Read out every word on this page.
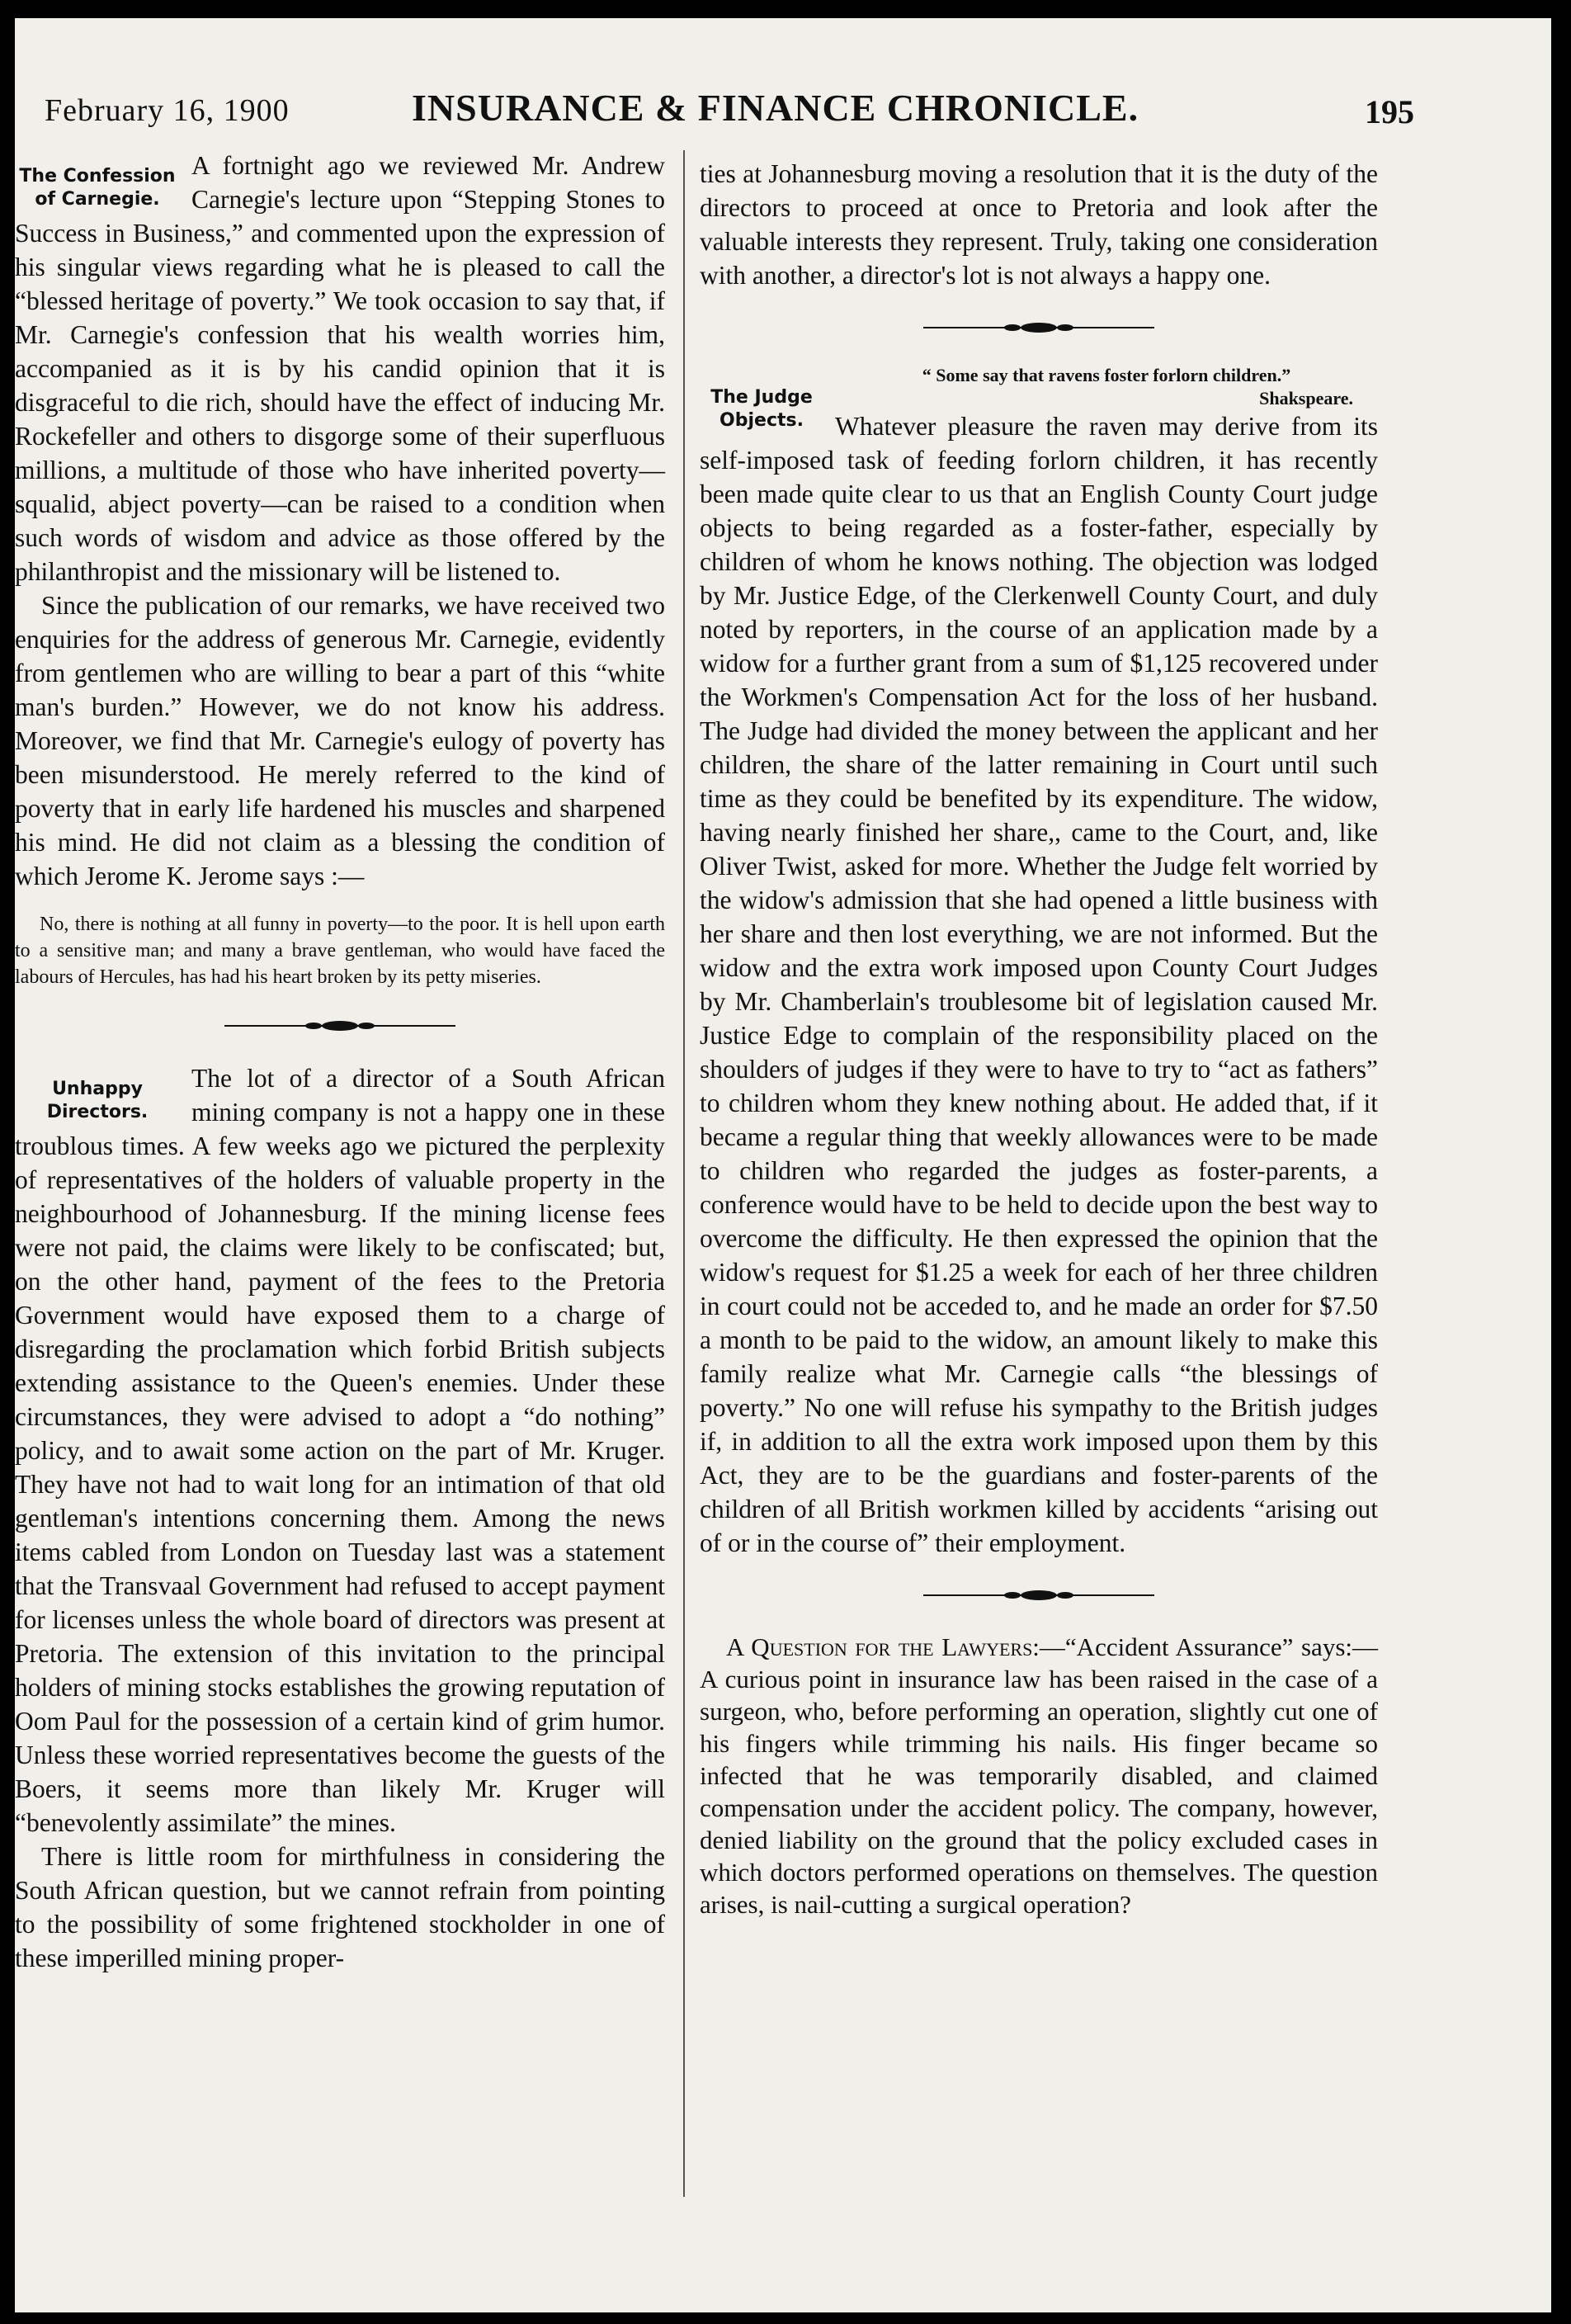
February 16, 1900	INSURANCE & FINANCE CHRONICLE.	195
The Confession of Carnegie.

A fortnight ago we reviewed Mr. Andrew Carnegie's lecture upon “Stepping Stones to Success in Business,” and commented upon the expression of his singular views regarding what he is pleased to call the “blessed heritage of poverty.” We took occasion to say that, if Mr. Carnegie's confession that his wealth worries him, accompanied as it is by his candid opinion that it is disgraceful to die rich, should have the effect of inducing Mr. Rockefeller and others to disgorge some of their superfluous millions, a multitude of those who have inherited poverty—squalid, abject poverty—can be raised to a condition when such words of wisdom and advice as those offered by the philanthropist and the missionary will be listened to.

Since the publication of our remarks, we have received two enquiries for the address of generous Mr. Carnegie, evidently from gentlemen who are willing to bear a part of this “white man's burden.” However, we do not know his address. Moreover, we find that Mr. Carnegie's eulogy of poverty has been misunderstood. He merely referred to the kind of poverty that in early life hardened his muscles and sharpened his mind. He did not claim as a blessing the condition of which Jerome K. Jerome says :—

No, there is nothing at all funny in poverty—to the poor. It is hell upon earth to a sensitive man; and many a brave gentleman, who would have faced the labours of Hercules, has had his heart broken by its petty miseries.

Unhappy Directors.

The lot of a director of a South African mining company is not a happy one in these troublous times. A few weeks ago we pictured the perplexity of representatives of the holders of valuable property in the neighbourhood of Johannesburg. If the mining license fees were not paid, the claims were likely to be confiscated; but, on the other hand, payment of the fees to the Pretoria Government would have exposed them to a charge of disregarding the proclamation which forbid British subjects extending assistance to the Queen's enemies. Under these circumstances, they were advised to adopt a “do nothing” policy, and to await some action on the part of Mr. Kruger. They have not had to wait long for an intimation of that old gentleman's intentions concerning them. Among the news items cabled from London on Tuesday last was a statement that the Transvaal Government had refused to accept payment for licenses unless the whole board of directors was present at Pretoria. The extension of this invitation to the principal holders of mining stocks establishes the growing reputation of Oom Paul for the possession of a certain kind of grim humor. Unless these worried representatives become the guests of the Boers, it seems more than likely Mr. Kruger will “benevolently assimilate” the mines.

There is little room for mirthfulness in considering the South African question, but we cannot refrain from pointing to the possibility of some frightened stockholder in one of these imperilled mining proper-

ties at Johannesburg moving a resolution that it is the duty of the directors to proceed at once to Pretoria and look after the valuable interests they represent. Truly, taking one consideration with another, a director's lot is not always a happy one.

The Judge Objects.

“ Some say that ravens foster forlorn children.”

Shakspeare.

Whatever pleasure the raven may derive from its self-imposed task of feeding forlorn children, it has recently been made quite clear to us that an English County Court judge objects to being regarded as a foster-father, especially by children of whom he knows nothing. The objection was lodged by Mr. Justice Edge, of the Clerkenwell County Court, and duly noted by reporters, in the course of an application made by a widow for a further grant from a sum of $1,125 recovered under the Workmen's Compensation Act for the loss of her husband. The Judge had divided the money between the applicant and her children, the share of the latter remaining in Court until such time as they could be benefited by its expenditure. The widow, having nearly finished her share,, came to the Court, and, like Oliver Twist, asked for more. Whether the Judge felt worried by the widow's admission that she had opened a little business with her share and then lost everything, we are not informed. But the widow and the extra work imposed upon County Court Judges by Mr. Chamberlain's troublesome bit of legislation caused Mr. Justice Edge to complain of the responsibility placed on the shoulders of judges if they were to have to try to “act as fathers” to children whom they knew nothing about. He added that, if it became a regular thing that weekly allowances were to be made to children who regarded the judges as foster-parents, a conference would have to be held to decide upon the best way to overcome the difficulty. He then expressed the opinion that the widow's request for $1.25 a week for each of her three children in court could not be acceded to, and he made an order for $7.50 a month to be paid to the widow, an amount likely to make this family realize what Mr. Carnegie calls “the blessings of poverty.” No one will refuse his sympathy to the British judges if, in addition to all the extra work imposed upon them by this Act, they are to be the guardians and foster-parents of the children of all British workmen killed by accidents “arising out of or in the course of” their employment.

A Question for the Lawyers:—“Accident Assurance” says:—A curious point in insurance law has been raised in the case of a surgeon, who, before performing an operation, slightly cut one of his fingers while trimming his nails. His finger became so infected that he was temporarily disabled, and claimed compensation under the accident policy. The company, however, denied liability on the ground that the policy excluded cases in which doctors performed operations on themselves. The question arises, is nail-cutting a surgical operation?
